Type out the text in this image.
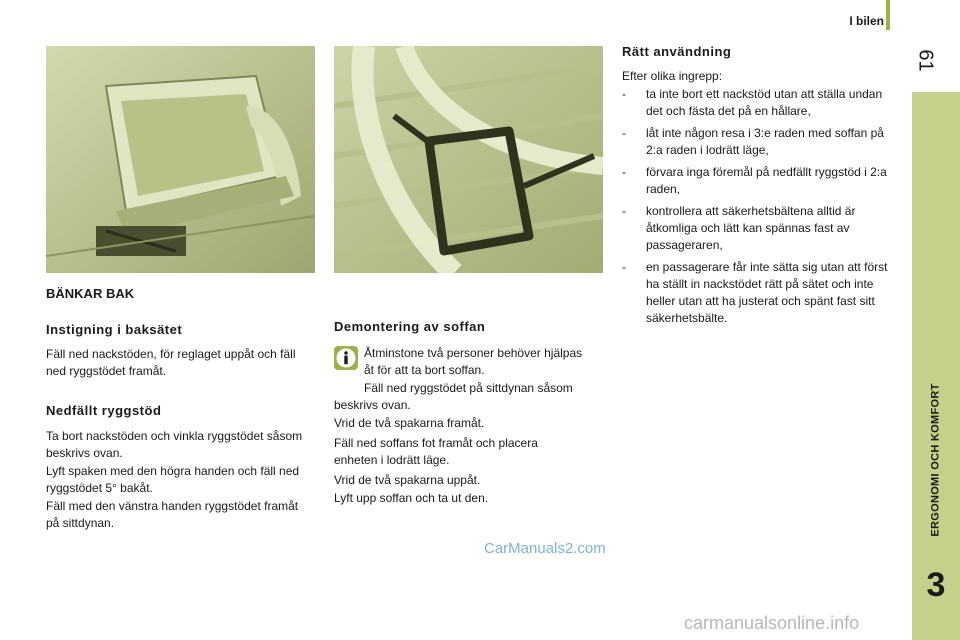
I bilen
61
ERGONOMI OCH KOMFORT
3
BÄNKAR BAK
Instigning i baksätet

Fäll ned nackstöden, för reglaget uppåt och fäll ned ryggstödet framåt.

Nedfällt ryggstöd

Ta bort nackstöden och vinkla ryggstödet såsom beskrivs ovan.

Lyft spaken med den högra handen och fäll ned ryggstödet 5° bakåt.

Fäll med den vänstra handen ryggstödet framåt på sittdynan.

Demontering av soffan

Åtminstone två personer behöver hjälpas åt för att ta bort soffan.

Fäll ned ryggstödet på sittdynan såsom beskrivs ovan.

Vrid de två spakarna framåt.

Fäll ned soffans fot framåt och placera enheten i lodrätt läge.

Vrid de två spakarna uppåt.

Lyft upp soffan och ta ut den.

Rätt användning

Efter olika ingrepp:

- ta inte bort ett nackstöd utan att ställa undan det och fästa det på en hållare,
- låt inte någon resa i 3:e raden med soffan på 2:a raden i lodrätt läge,
- förvara inga föremål på nedfällt ryggstöd i 2:a raden,
- kontrollera att säkerhetsbältena alltid är åtkomliga och lätt kan spännas fast av passageraren,
- en passagerare får inte sätta sig utan att först ha ställt in nackstödet rätt på sätet och inte heller utan att ha justerat och spänt fast sitt säkerhetsbälte.
CarManuals2.com
carmanualsonline.info
